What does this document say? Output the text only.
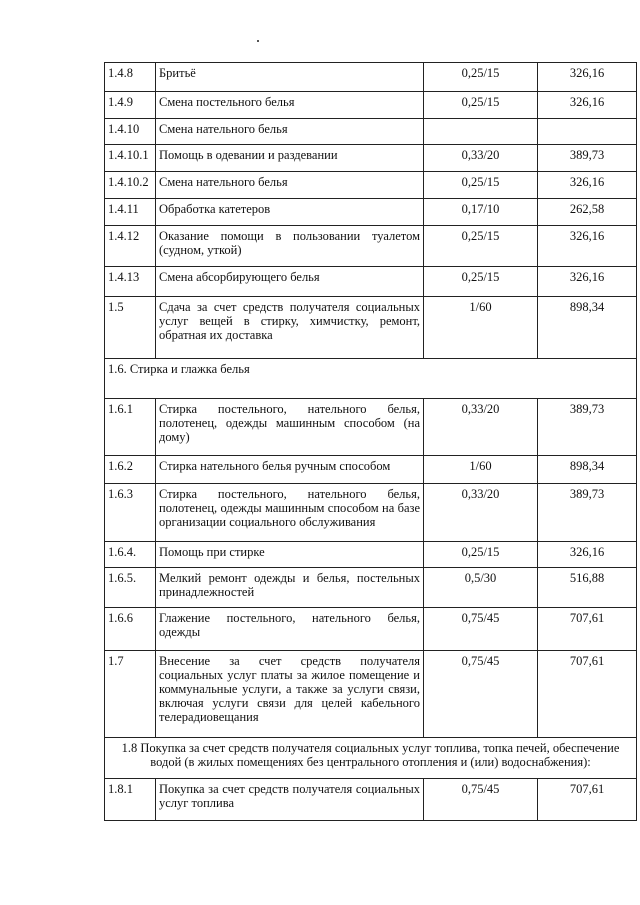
1.4.8	Бритьё	0,25/15	326,16
1.4.9	Смена постельного белья	0,25/15	326,16
1.4.10	Смена нательного белья		
1.4.10.1	Помощь в одевании и раздевании	0,33/20	389,73
1.4.10.2	Смена нательного белья	0,25/15	326,16
1.4.11	Обработка катетеров	0,17/10	262,58
1.4.12	Оказание помощи в пользовании туалетом (судном, уткой)	0,25/15	326,16
1.4.13	Смена абсорбирующего белья	0,25/15	326,16
1.5	Сдача за счет средств получателя социальных услуг вещей в стирку, химчистку, ремонт, обратная их доставка	1/60	898,34
1.6. Стирка и глажка белья			
1.6.1	Стирка постельного, нательного белья, полотенец, одежды машинным способом (на дому)	0,33/20	389,73
1.6.2	Стирка нательного белья ручным способом	1/60	898,34
1.6.3	Стирка постельного, нательного белья, полотенец, одежды машинным способом на базе организации социального обслуживания	0,33/20	389,73
1.6.4.	Помощь при стирке	0,25/15	326,16
1.6.5.	Мелкий ремонт одежды и белья, постельных принадлежностей	0,5/30	516,88
1.6.6	Глажение постельного, нательного белья, одежды	0,75/45	707,61
1.7	Внесение за счет средств получателя социальных услуг платы за жилое помещение и коммунальные услуги, а также за услуги связи, включая услуги связи для целей кабельного телерадиовещания	0,75/45	707,61
1.8 Покупка за счет средств получателя социальных услуг топлива, топка печей, обеспечение водой (в жилых помещениях без центрального отопления и (или) водоснабжения):			
1.8.1	Покупка за счет средств получателя социальных услуг топлива	0,75/45	707,61
